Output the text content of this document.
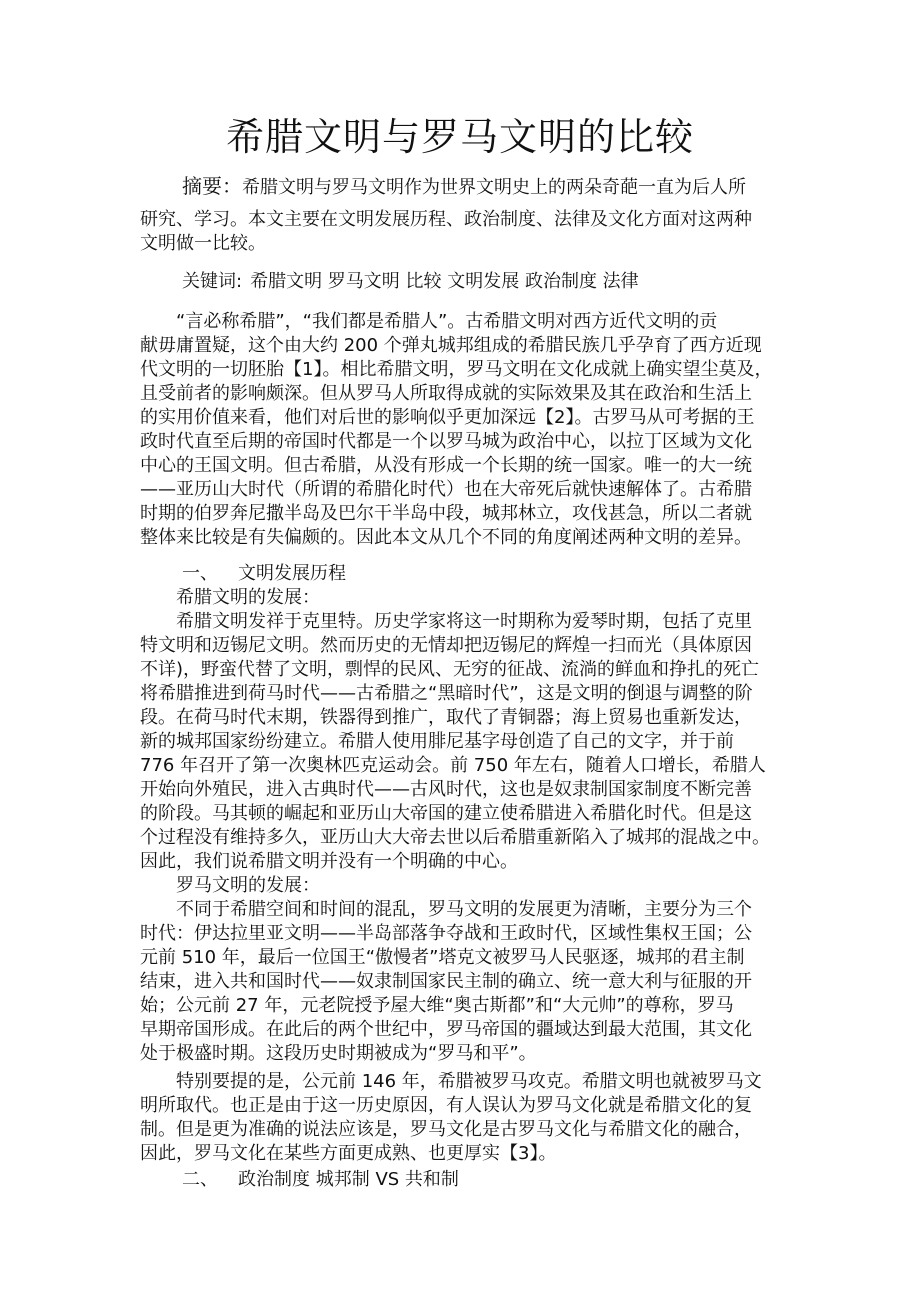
希腊文明与罗马文明的比较
摘要：希腊文明与罗马文明作为世界文明史上的两朵奇葩一直为后人所
研究、学习。本文主要在文明发展历程、政治制度、法律及文化方面对这两种
文明做一比较。
关键词: 希腊文明 罗马文明 比较 文明发展 政治制度 法律
“言必称希腊”，“我们都是希腊人”。古希腊文明对西方近代文明的贡
献毋庸置疑，这个由大约 200 个弹丸城邦组成的希腊民族几乎孕育了西方近现
代文明的一切胚胎【1】。相比希腊文明，罗马文明在文化成就上确实望尘莫及，
且受前者的影响颇深。但从罗马人所取得成就的实际效果及其在政治和生活上
的实用价值来看，他们对后世的影响似乎更加深远【2】。古罗马从可考据的王
政时代直至后期的帝国时代都是一个以罗马城为政治中心，以拉丁区域为文化
中心的王国文明。但古希腊，从没有形成一个长期的统一国家。唯一的大一统
——亚历山大时代（所谓的希腊化时代）也在大帝死后就快速解体了。古希腊
时期的伯罗奔尼撒半岛及巴尔干半岛中段，城邦林立，攻伐甚急，所以二者就
整体来比较是有失偏颇的。因此本文从几个不同的角度阐述两种文明的差异。
一、 文明发展历程
希腊文明的发展：
希腊文明发祥于克里特。历史学家将这一时期称为爱琴时期，包括了克里
特文明和迈锡尼文明。然而历史的无情却把迈锡尼的辉煌一扫而光（具体原因
不详)，野蛮代替了文明，剽悍的民风、无穷的征战、流淌的鲜血和挣扎的死亡
将希腊推进到荷马时代——古希腊之“黑暗时代”，这是文明的倒退与调整的阶
段。在荷马时代末期，铁器得到推广，取代了青铜器；海上贸易也重新发达，
新的城邦国家纷纷建立。希腊人使用腓尼基字母创造了自己的文字，并于前
776 年召开了第一次奥林匹克运动会。前 750 年左右，随着人口增长，希腊人
开始向外殖民，进入古典时代——古风时代，这也是奴隶制国家制度不断完善
的阶段。马其顿的崛起和亚历山大帝国的建立使希腊进入希腊化时代。但是这
个过程没有维持多久，亚历山大大帝去世以后希腊重新陷入了城邦的混战之中。
因此，我们说希腊文明并没有一个明确的中心。
罗马文明的发展：
不同于希腊空间和时间的混乱，罗马文明的发展更为清晰，主要分为三个
时代：伊达拉里亚文明——半岛部落争夺战和王政时代，区域性集权王国；公
元前 510 年，最后一位国王“傲慢者”塔克文被罗马人民驱逐，城邦的君主制
结束，进入共和国时代——奴隶制国家民主制的确立、统一意大利与征服的开
始；公元前 27 年，元老院授予屋大维“奥古斯都”和“大元帅”的尊称，罗马
早期帝国形成。在此后的两个世纪中，罗马帝国的疆域达到最大范围，其文化
处于极盛时期。这段历史时期被成为“罗马和平”。
特别要提的是，公元前 146 年，希腊被罗马攻克。希腊文明也就被罗马文
明所取代。也正是由于这一历史原因，有人误认为罗马文化就是希腊文化的复
制。但是更为准确的说法应该是，罗马文化是古罗马文化与希腊文化的融合，
因此，罗马文化在某些方面更成熟、也更厚实【3】。
二、 政治制度 城邦制 VS 共和制
